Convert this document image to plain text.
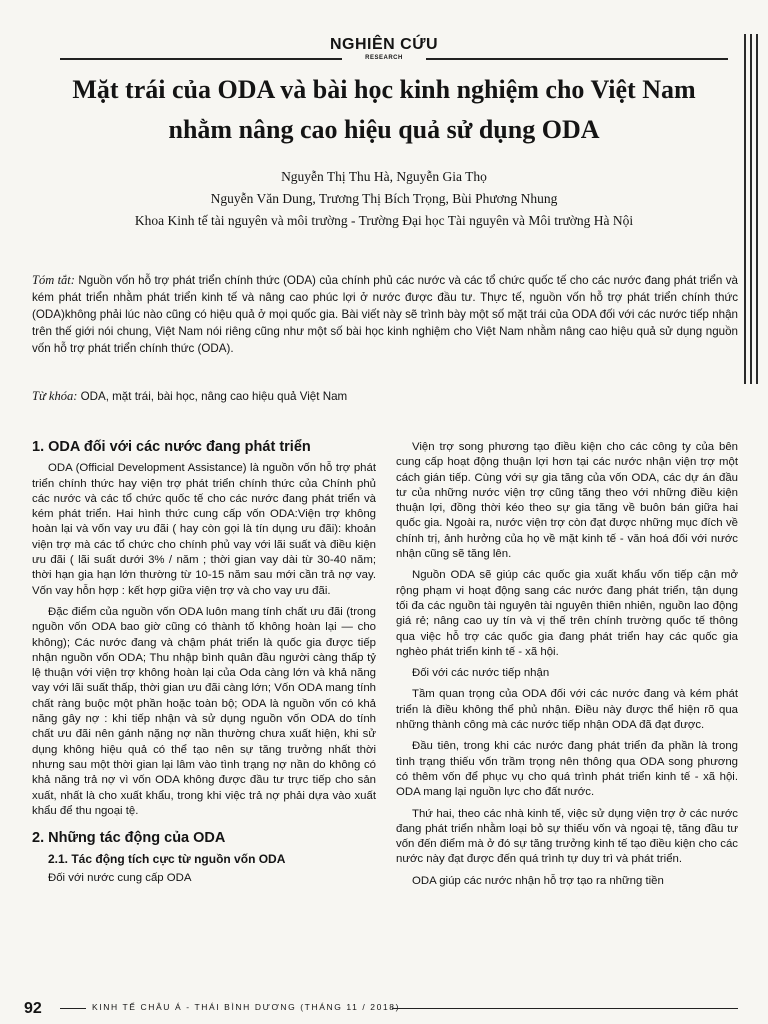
NGHIÊN CỨU
RESEARCH
Mặt trái của ODA và bài học kinh nghiệm cho Việt Nam
nhằm nâng cao hiệu quả sử dụng ODA
Nguyễn Thị Thu Hà, Nguyễn Gia Thọ
Nguyễn Văn Dung, Trương Thị Bích Trọng, Bùi Phương Nhung
Khoa Kinh tế tài nguyên và môi trường - Trường Đại học Tài nguyên và Môi trường Hà Nội
Tóm tắt: Nguồn vốn hỗ trợ phát triển chính thức (ODA) của chính phủ các nước và các tổ chức quốc tế cho các nước đang phát triển và kém phát triển nhằm phát triển kinh tế và nâng cao phúc lợi ở nước được đầu tư. Thực tế, nguồn vốn hỗ trợ phát triển chính thức (ODA)không phải lúc nào cũng có hiệu quả ở mọi quốc gia. Bài viết này sẽ trình bày một số mặt trái của ODA đối với các nước tiếp nhận trên thế giới nói chung, Việt Nam nói riêng cũng như một số bài học kinh nghiệm cho Việt Nam nhằm nâng cao hiệu quả sử dụng nguồn vốn hỗ trợ phát triển chính thức (ODA).
Từ khóa: ODA, mặt trái, bài học, nâng cao hiệu quả Việt Nam
1. ODA đối với các nước đang phát triển

ODA (Official Development Assistance) là nguồn vốn hỗ trợ phát triển chính thức hay viện trợ phát triển chính thức của Chính phủ các nước và các tổ chức quốc tế cho các nước đang phát triển và kém phát triển. Hai hình thức cung cấp vốn ODA:Viện trợ không hoàn lại và vốn vay ưu đãi ( hay còn gọi là tín dụng ưu đãi): khoản viện trợ mà các tổ chức cho chính phủ vay với lãi suất và điều kiện ưu đãi ( lãi suất dưới 3% / năm ; thời gian vay dài từ 30-40 năm; thời hạn gia hạn lớn thường từ 10-15 năm sau mới cần trả nợ vay. Vốn vay hỗn hợp : kết hợp giữa viện trợ và cho vay ưu đãi.

Đặc điểm của nguồn vốn ODA luôn mang tính chất ưu đãi (trong nguồn vốn ODA bao giờ cũng có thành tố không hoàn lại — cho không); Các nước đang và chậm phát triển là quốc gia được tiếp nhận nguồn vốn ODA; Thu nhập bình quân đầu người càng thấp tỷ lệ thuận với viện trợ không hoàn lại của Oda càng lớn và khả năng vay với lãi suất thấp, thời gian ưu đãi càng lớn; Vốn ODA mang tính chất ràng buộc một phần hoặc toàn bộ; ODA là nguồn vốn có khả năng gây nợ : khi tiếp nhận và sử dụng nguồn vốn ODA do tính chất ưu đãi nên gánh nặng nợ nần thường chưa xuất hiện, khi sử dụng không hiệu quả có thể tạo nên sự tăng trưởng nhất thời nhưng sau một thời gian lại lâm vào tình trạng nợ nần do không có khả năng trả nợ vì vốn ODA không được đầu tư trực tiếp cho sản xuất, nhất là cho xuất khẩu, trong khi việc trả nợ phải dựa vào xuất khẩu để thu ngoại tệ.

2. Những tác động của ODA
2.1. Tác động tích cực từ nguồn vốn ODA

Đối với nước cung cấp ODA

Viện trợ song phương tạo điều kiện cho các công ty của bên cung cấp hoạt động thuận lợi hơn tại các nước nhận viện trợ một cách gián tiếp. Cùng với sự gia tăng của vốn ODA, các dự án đầu tư của những nước viện trợ cũng tăng theo với những điều kiện thuận lợi, đồng thời kéo theo sự gia tăng về buôn bán giữa hai quốc gia. Ngoài ra, nước viện trợ còn đạt được những mục đích về chính trị, ảnh hưởng của họ về mặt kinh tế - văn hoá đối với nước nhận cũng sẽ tăng lên.

Nguồn ODA sẽ giúp các quốc gia xuất khẩu vốn tiếp cận mở rộng phạm vi hoạt động sang các nước đang phát triển, tận dụng tối đa các nguồn tài nguyên tài nguyên thiên nhiên, nguồn lao động giá rẻ; nâng cao uy tín và vị thế trên chính trường quốc tế thông qua việc hỗ trợ các quốc gia đang phát triển hay các quốc gia nghèo phát triển kinh tế - xã hội.

Đối với các nước tiếp nhận

Tầm quan trọng của ODA đối với các nước đang và kém phát triển là điều không thể phủ nhận. Điều này được thể hiện rõ qua những thành công mà các nước tiếp nhận ODA đã đạt được.

Đầu tiên, trong khi các nước đang phát triển đa phần là trong tình trạng thiếu vốn trầm trọng nên thông qua ODA song phương có thêm vốn để phục vụ cho quá trình phát triển kinh tế - xã hội. ODA mang lại nguồn lực cho đất nước.

Thứ hai, theo các nhà kinh tế, việc sử dụng viện trợ ở các nước đang phát triển nhằm loại bỏ sự thiếu vốn và ngoại tệ, tăng đầu tư vốn đến điểm mà ở đó sự tăng trưởng kinh tế tạo điều kiện cho các nước này đạt được đến quá trình tự duy trì và phát triển.

ODA giúp các nước nhận hỗ trợ tạo ra những tiền

92	KINH TẾ CHÂU Á - THÁI BÌNH DƯƠNG (THÁNG 11 / 2018)
